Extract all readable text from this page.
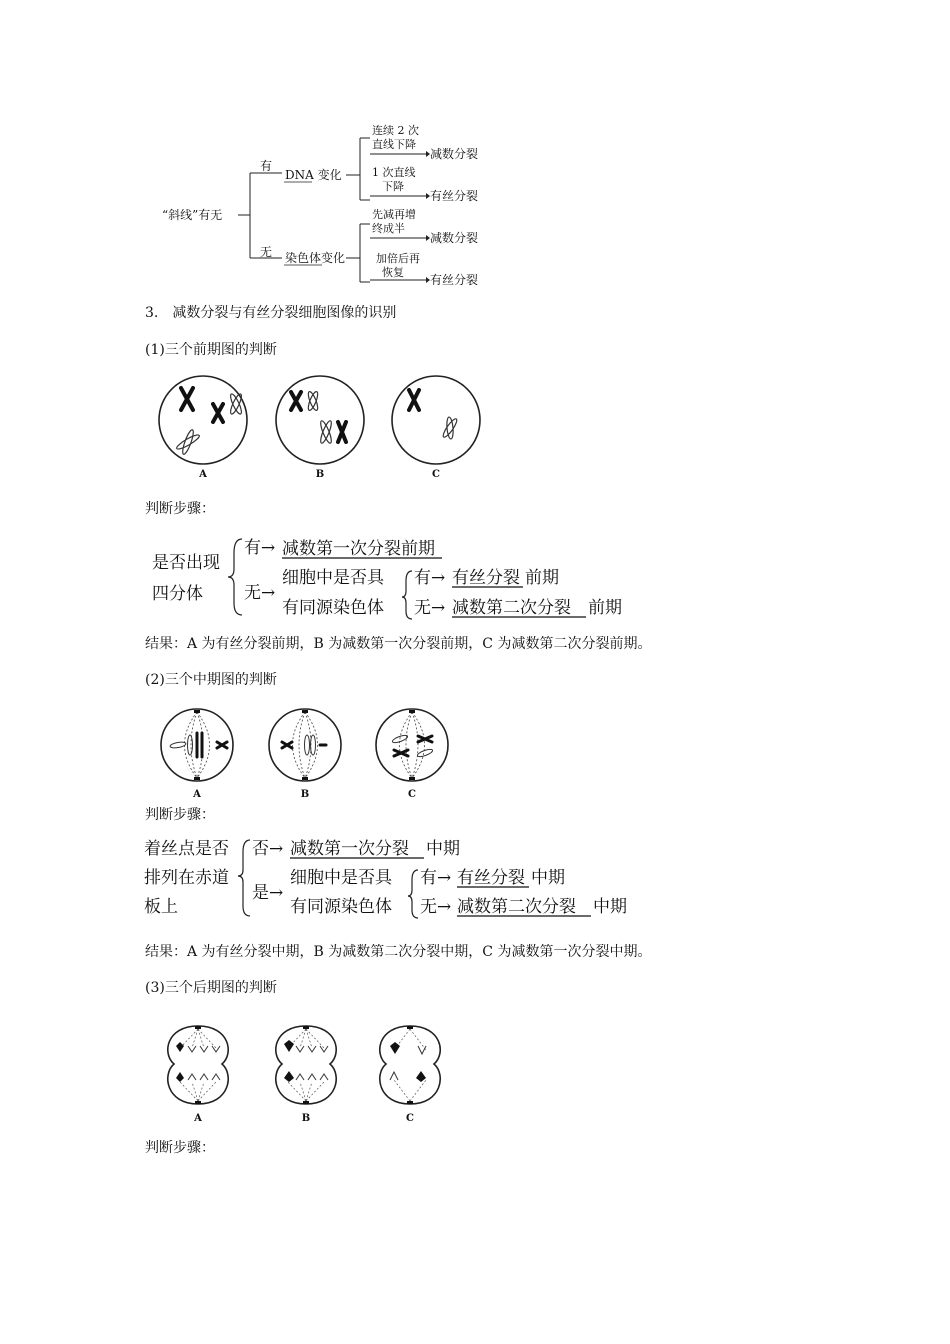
“斜线”有无
有
无
DNA 变化
染色体变化
连续 2 次
直线下降
减数分裂
1 次直线
下降
有丝分裂
先减再增
终成半
减数分裂
加倍后再
恢复
有丝分裂
3.　减数分裂与有丝分裂细胞图像的识别
(1)三个前期图的判断
A	B	C
判断步骤：
是否出现
四分体
有→ 减数第一次分裂前期
无→
细胞中是否具
有同源染色体
有→ 有丝分裂 前期
无→ 减数第二次分裂 前期
结果：A 为有丝分裂前期，B 为减数第一次分裂前期，C 为减数第二次分裂前期。
(2)三个中期图的判断
A	B	C
判断步骤：
着丝点是否
排列在赤道
板上
否→ 减数第一次分裂 中期
是→
细胞中是否具
有同源染色体
有→ 有丝分裂 中期
无→ 减数第二次分裂 中期
结果：A 为有丝分裂中期，B 为减数第二次分裂中期，C 为减数第一次分裂中期。
(3)三个后期图的判断
A	B	C
判断步骤：
